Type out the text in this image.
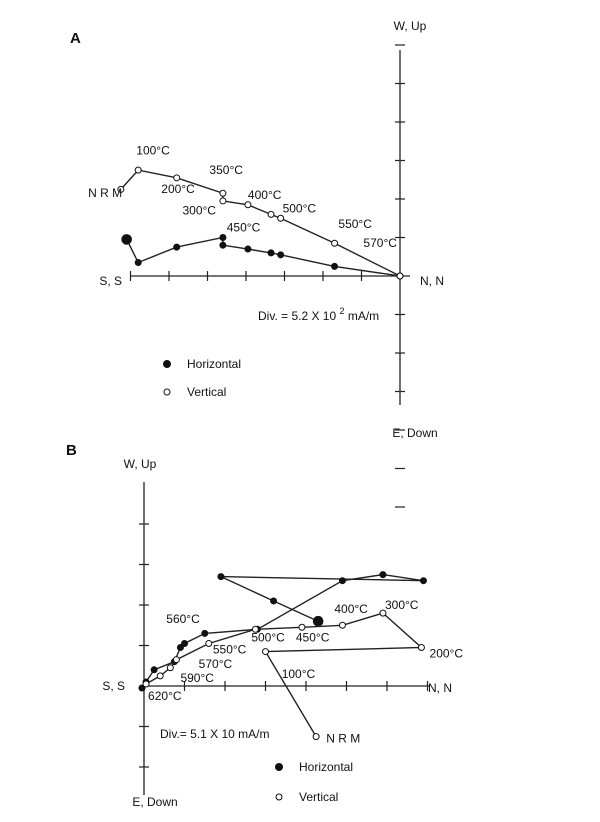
A
W, Up
E, Down
S, S	N, N
Div. = 5.2 X 10 $^2$ mA/m
100°C
N R M	200°C
350°C
300°C
400°C
500°C
550°C
570°C
450°C
Horizontal
Vertical
B
W, Up
E, Down
S, S	N, N
Div.= 5.1 X 10 mA/m
560°C
550°C
500°C 450°C
400°C 300°C
200°C
100°C
570°C
590°C
620°C
N R M
Horizontal
Vertical
